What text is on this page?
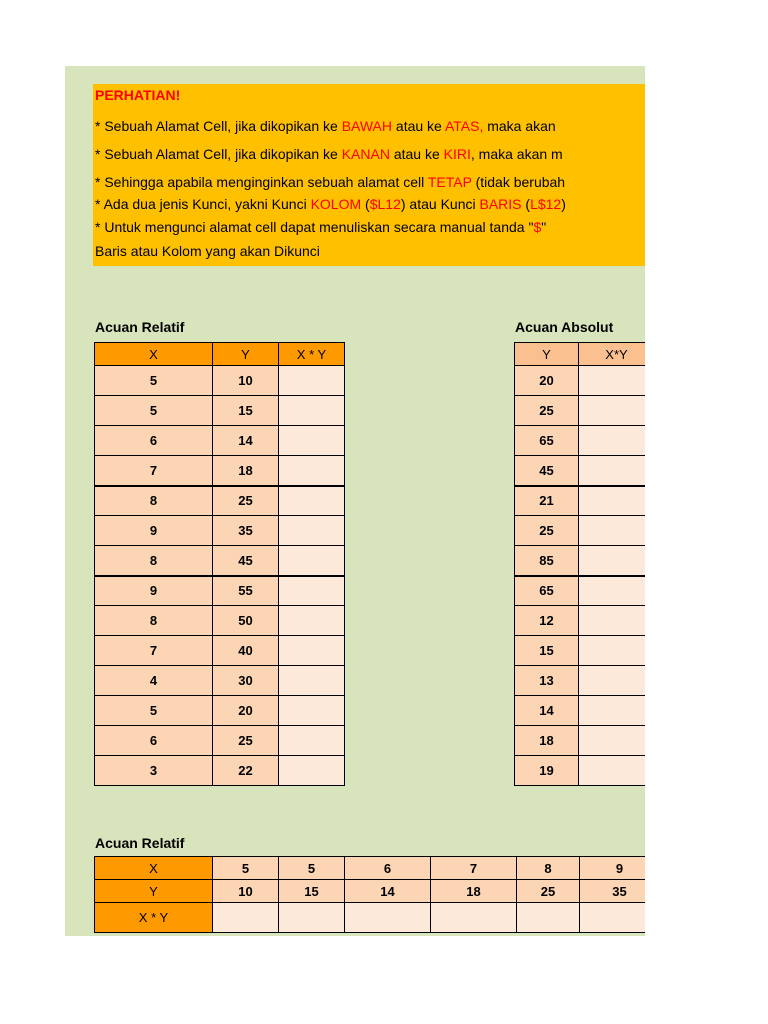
PERHATIAN!
* Sebuah Alamat Cell, jika dikopikan ke BAWAH atau ke ATAS, maka akan
* Sebuah Alamat Cell, jika dikopikan ke KANAN atau ke KIRI, maka akan m
* Sehingga apabila menginginkan sebuah alamat cell TETAP (tidak berubah
* Ada dua jenis Kunci, yakni Kunci KOLOM ($L12) atau Kunci BARIS (L$12)
* Untuk mengunci alamat cell dapat menuliskan secara manual tanda "$"
Baris atau Kolom yang akan Dikunci
Acuan Relatif	Acuan Absolut
X	Y	X * Y
5	10	
5	15	
6	14	
7	18	
8	25	
9	35	
8	45	
9	55	
8	50	
7	40	
4	30	
5	20	
6	25	
3	22	
Y	X*Y
20	
25	
65	
45	
21	
25	
85	
65	
12	
15	
13	
14	
18	
19	
Acuan Relatif
X	5	5	6	7	8	9
Y	10	15	14	18	25	35
X * Y						
